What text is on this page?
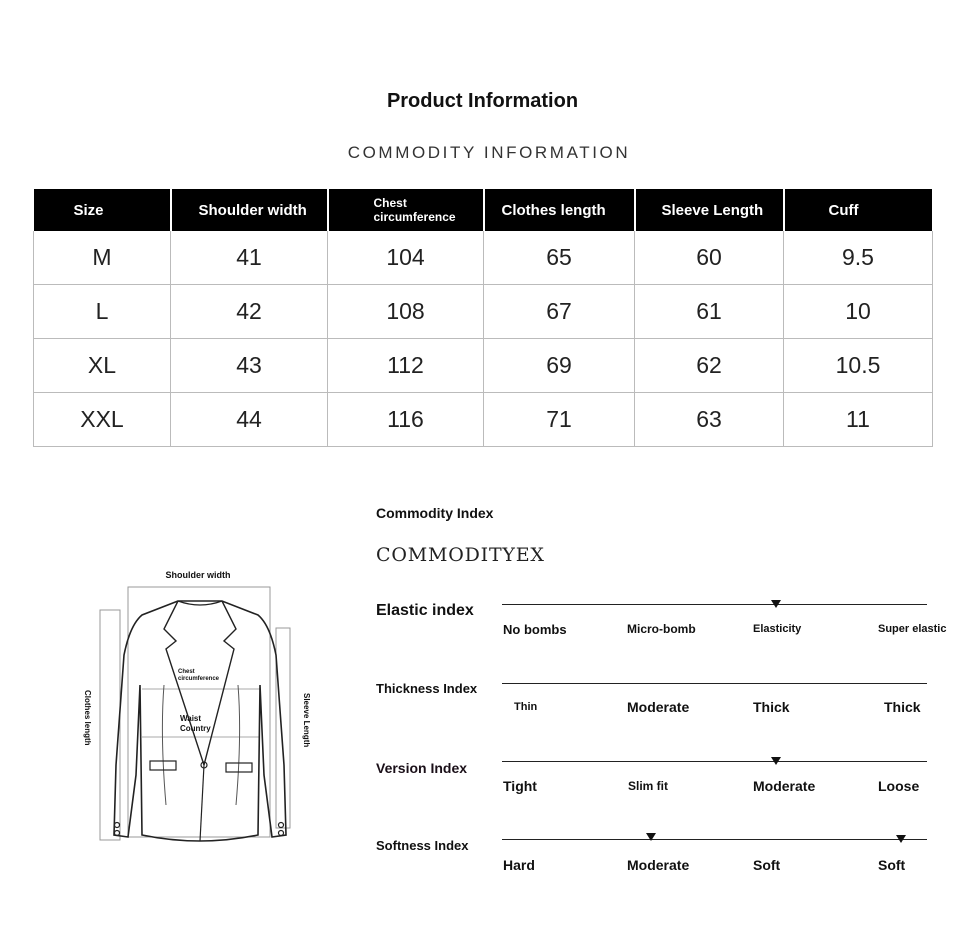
Product Information
COMMODITY INFORMATION
Size	Shoulder width	Chest circumference	Clothes length	Sleeve Length	Cuff
M	41	104	65	60	9.5
L	42	108	67	61	10
XL	43	112	69	62	10.5
XXL	44	116	71	63	11
Commodity Index
COMMODITYEX
Shoulder width
Chest
circumference
Waist
Country
Clothes length	Sleeve Length
Elastic index
No bombs	Micro-bomb	Elasticity	Super elastic
Thickness Index
Thin	Moderate	Thick	Thick
Version Index
Tight	Slim fit	Moderate	Loose
Softness Index
Hard	Moderate	Soft	Soft
